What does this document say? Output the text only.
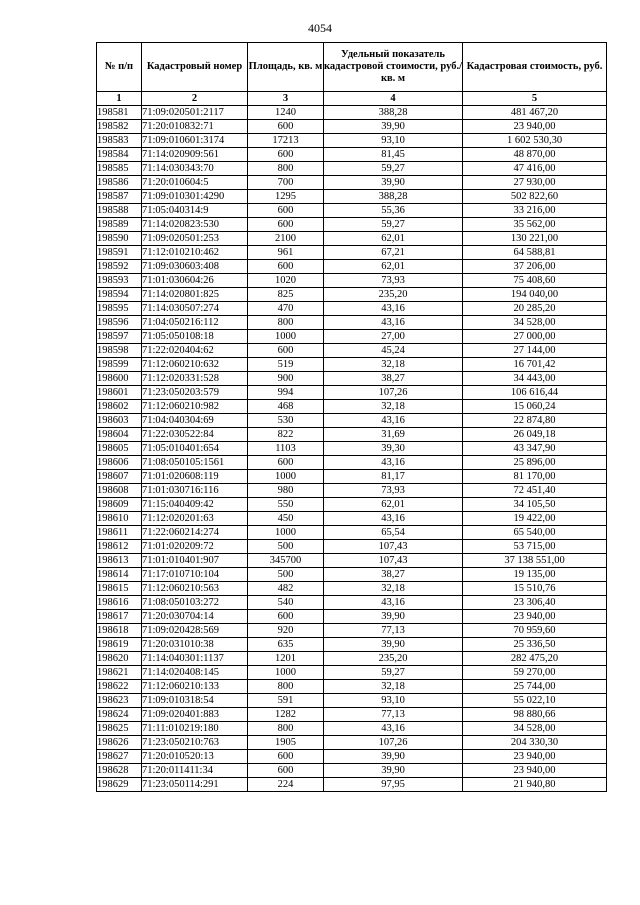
4054
№ п/п	Кадастровый номер	Площадь, кв. м	Удельный показатель кадастровой стоимости, руб./кв. м	Кадастровая стоимость, руб.
1	2	3	4	5
198581	71:09:020501:2117	1240	388,28	481 467,20
198582	71:20:010832:71	600	39,90	23 940,00
198583	71:09:010601:3174	17213	93,10	1 602 530,30
198584	71:14:020909:561	600	81,45	48 870,00
198585	71:14:030343:70	800	59,27	47 416,00
198586	71:20:010604:5	700	39,90	27 930,00
198587	71:09:010301:4290	1295	388,28	502 822,60
198588	71:05:040314:9	600	55,36	33 216,00
198589	71:14:020823:530	600	59,27	35 562,00
198590	71:09:020501:253	2100	62,01	130 221,00
198591	71:12:010210:462	961	67,21	64 588,81
198592	71:09:030603:408	600	62,01	37 206,00
198593	71:01:030604:26	1020	73,93	75 408,60
198594	71:14:020801:825	825	235,20	194 040,00
198595	71:14:030507:274	470	43,16	20 285,20
198596	71:04:050216:112	800	43,16	34 528,00
198597	71:05:050108:18	1000	27,00	27 000,00
198598	71:22:020404:62	600	45,24	27 144,00
198599	71:12:060210:632	519	32,18	16 701,42
198600	71:12:020331:528	900	38,27	34 443,00
198601	71:23:050203:579	994	107,26	106 616,44
198602	71:12:060210:982	468	32,18	15 060,24
198603	71:04:040304:69	530	43,16	22 874,80
198604	71:22:030522:84	822	31,69	26 049,18
198605	71:05:010401:654	1103	39,30	43 347,90
198606	71:08:050105:1561	600	43,16	25 896,00
198607	71:01:020608:119	1000	81,17	81 170,00
198608	71:01:030716:116	980	73,93	72 451,40
198609	71:15:040409:42	550	62,01	34 105,50
198610	71:12:020201:63	450	43,16	19 422,00
198611	71:22:060214:274	1000	65,54	65 540,00
198612	71:01:020209:72	500	107,43	53 715,00
198613	71:01:010401:907	345700	107,43	37 138 551,00
198614	71:17:010710:104	500	38,27	19 135,00
198615	71:12:060210:563	482	32,18	15 510,76
198616	71:08:050103:272	540	43,16	23 306,40
198617	71:20:030704:14	600	39,90	23 940,00
198618	71:09:020428:569	920	77,13	70 959,60
198619	71:20:031010:38	635	39,90	25 336,50
198620	71:14:040301:1137	1201	235,20	282 475,20
198621	71:14:020408:145	1000	59,27	59 270,00
198622	71:12:060210:133	800	32,18	25 744,00
198623	71:09:010318:54	591	93,10	55 022,10
198624	71:09:020401:883	1282	77,13	98 880,66
198625	71:11:010219:180	800	43,16	34 528,00
198626	71:23:050210:763	1905	107,26	204 330,30
198627	71:20:010520:13	600	39,90	23 940,00
198628	71:20:011411:34	600	39,90	23 940,00
198629	71:23:050114:291	224	97,95	21 940,80
